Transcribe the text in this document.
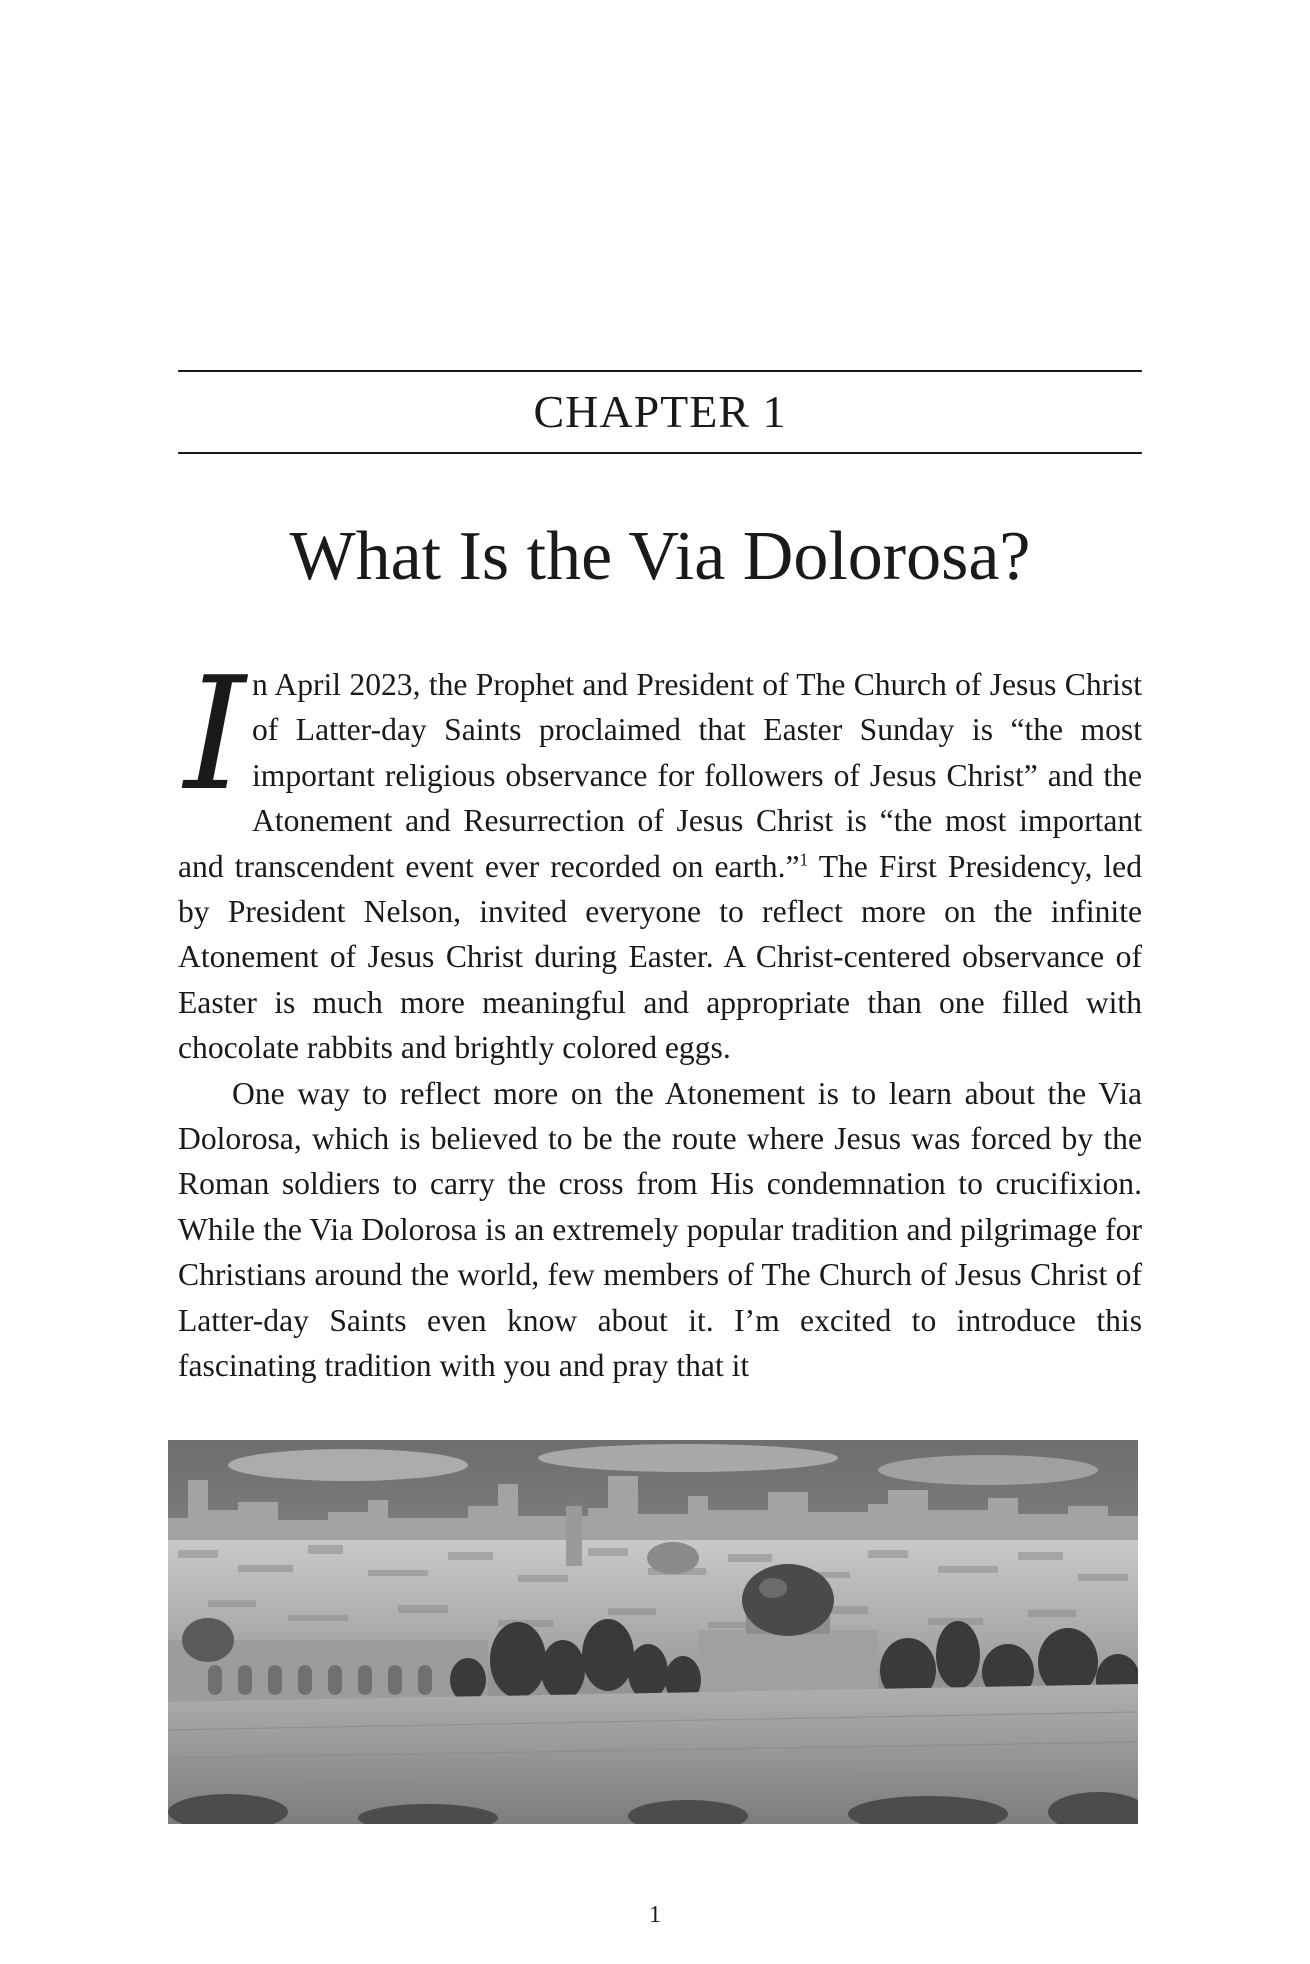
CHAPTER 1
What Is the Via Dolorosa?

In April 2023, the Prophet and President of The Church of Jesus Christ of Latter-day Saints proclaimed that Easter Sunday is “the most important religious observance for followers of Jesus Christ” and the Atonement and Resurrection of Jesus Christ is “the most important and transcendent event ever recorded on earth.”$^1$ The First Presidency, led by President Nelson, invited everyone to reflect more on the infinite Atonement of Jesus Christ during Easter. A Christ-centered observance of Easter is much more meaningful and appropriate than one filled with chocolate rabbits and brightly colored eggs.

One way to reflect more on the Atonement is to learn about the Via Dolorosa, which is believed to be the route where Jesus was forced by the Roman soldiers to carry the cross from His condemnation to crucifixion. While the Via Dolorosa is an extremely popular tradition and pilgrimage for Christians around the world, few members of The Church of Jesus Christ of Latter-day Saints even know about it. I’m excited to introduce this fascinating tradition with you and pray that it

1
